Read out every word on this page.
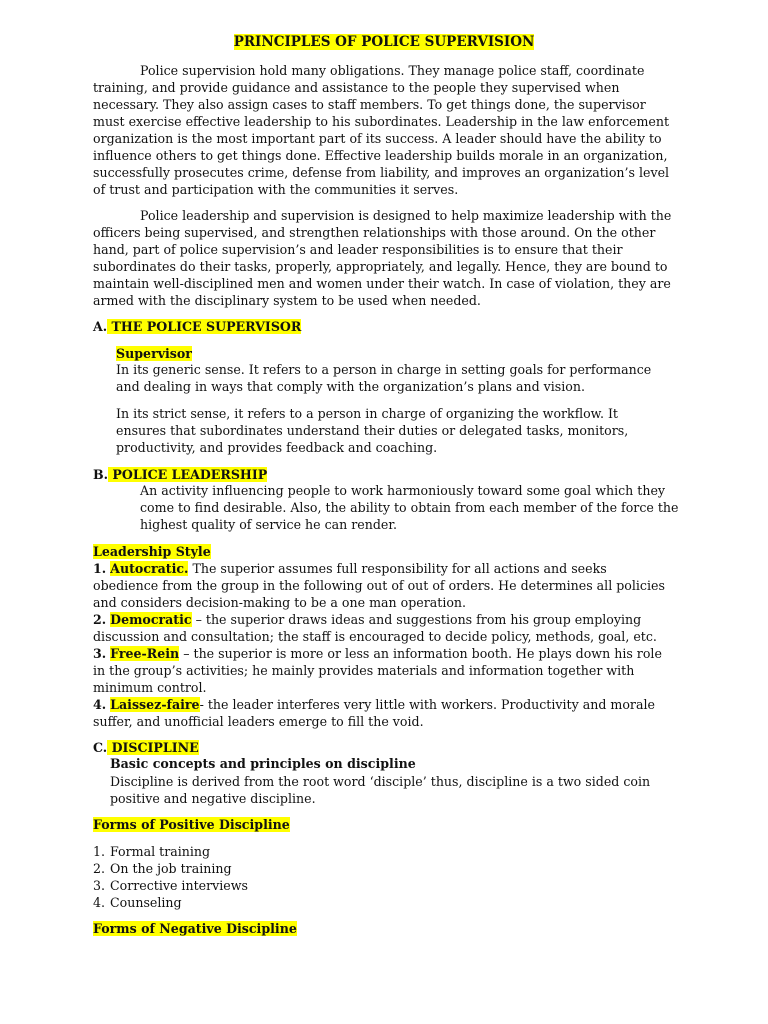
PRINCIPLES OF POLICE SUPERVISION

Police supervision hold many obligations. They manage police staff, coordinate training, and provide guidance and assistance to the people they supervised when necessary. They also assign cases to staff members. To get things done, the supervisor must exercise effective leadership to his subordinates. Leadership in the law enforcement organization is the most important part of its success. A leader should have the ability to influence others to get things done. Effective leadership builds morale in an organization, successfully prosecutes crime, defense from liability, and improves an organization’s level of trust and participation with the communities it serves.

Police leadership and supervision is designed to help maximize leadership with the officers being supervised, and strengthen relationships with those around. On the other hand, part of police supervision’s and leader responsibilities is to ensure that their subordinates do their tasks, properly, appropriately, and legally. Hence, they are bound to maintain well-disciplined men and women under their watch. In case of violation, they are armed with the disciplinary system to be used when needed.

A. THE POLICE SUPERVISOR

Supervisor

In its generic sense. It refers to a person in charge in setting goals for performance and dealing in ways that comply with the organization’s plans and vision.

In its strict sense, it refers to a person in charge of organizing the workflow. It ensures that subordinates understand their duties or delegated tasks, monitors, productivity, and provides feedback and coaching.

B. POLICE LEADERSHIP

An activity influencing people to work harmoniously toward some goal which they come to find desirable. Also, the ability to obtain from each member of the force the highest quality of service he can render.

Leadership Style

1. Autocratic. The superior assumes full responsibility for all actions and seeks obedience from the group in the following out of out of orders. He determines all policies and considers decision-making to be a one man operation.

2. Democratic – the superior draws ideas and suggestions from his group employing discussion and consultation; the staff is encouraged to decide policy, methods, goal, etc.

3. Free-Rein – the superior is more or less an information booth. He plays down his role in the group’s activities; he mainly provides materials and information together with minimum control.

4. Laissez-faire- the leader interferes very little with workers. Productivity and morale suffer, and unofficial leaders emerge to fill the void.

C. DISCIPLINE

Basic concepts and principles on discipline

Discipline is derived from the root word ‘disciple’ thus, discipline is a two sided coin positive and negative discipline.

Forms of Positive Discipline

1. Formal training
2. On the job training
3. Corrective interviews
4. Counseling

Forms of Negative Discipline
